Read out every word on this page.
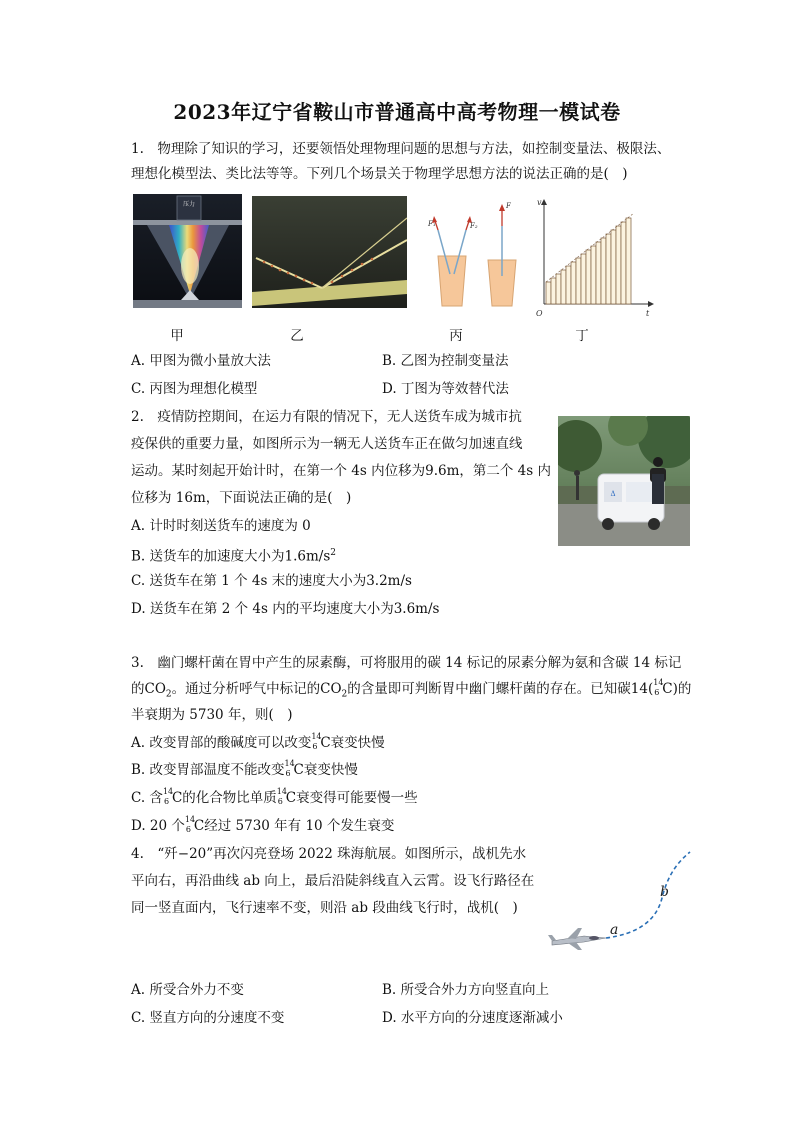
2023年辽宁省鞍山市普通高中高考物理一模试卷
1.　物理除了知识的学习，还要领悟处理物理问题的思想与方法，如控制变量法、极限法、
理想化模型法、类比法等等。下列几个场景关于物理学思想方法的说法正确的是(　)
压力
F₁	F₂
F	v
O	t
甲	乙	丙	丁
A. 甲图为微小量放大法	B. 乙图为控制变量法
C. 丙图为理想化模型	D. 丁图为等效替代法
2.　疫情防控期间，在运力有限的情况下，无人送货车成为城市抗
疫保供的重要力量，如图所示为一辆无人送货车正在做匀加速直线
运动。某时刻起开始计时，在第一个 4s 内位移为9.6m，第二个 4s 内
位移为 16m，下面说法正确的是(　)	Δ
A. 计时时刻送货车的速度为 0
B. 送货车的加速度大小为$1.6m/s^2$
C. 送货车在第 1 个 4s 末的速度大小为3.2m/s
D. 送货车在第 2 个 4s 内的平均速度大小为3.6m/s
3.　幽门螺杆菌在胃中产生的尿素酶，可将服用的碳 14 标记的尿素分解为氨和含碳 14 标记
的$CO_2$。通过分析呼气中标记的$CO_2$的含量即可判断胃中幽门螺杆菌的存在。已知碳14( 14
6 C)的
半衰期为 5730 年，则(　)
A. 改变胃部的酸碱度可以改变 14
6 C衰变快慢
B. 改变胃部温度不能改变 14
6 C衰变快慢
C. 含 14
6 C的化合物比单质 14
6 C衰变得可能要慢一些
D. 20 个 14
6 C经过 5730 年有 10 个发生衰变
4.　“歼−20”再次闪亮登场 2022 珠海航展。如图所示，战机先水
平向右，再沿曲线 ab 向上，最后沿陡斜线直入云霄。设飞行路径在
同一竖直面内，飞行速率不变，则沿 ab 段曲线飞行时，战机(　)
a
b
A. 所受合外力不变	B. 所受合外力方向竖直向上
C. 竖直方向的分速度不变	D. 水平方向的分速度逐渐减小
